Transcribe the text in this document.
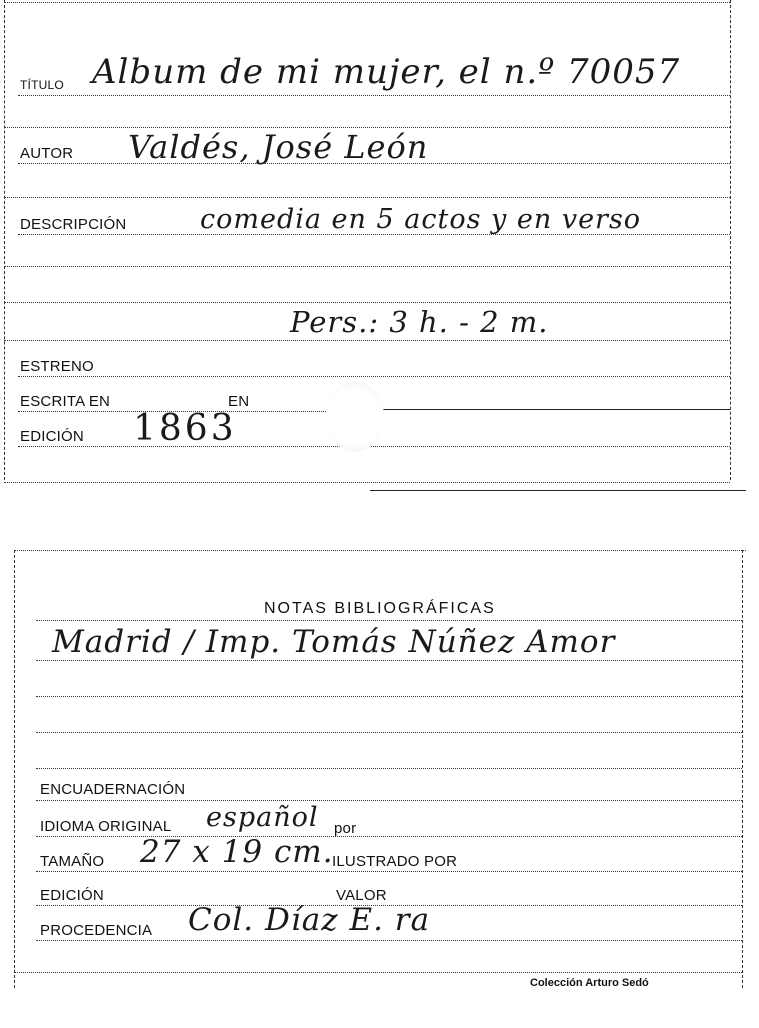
TÍTULO Album de mi mujer, el n.º 70057
AUTOR Valdés, José León
DESCRIPCIÓN	comedia en 5 actos y en verso
Pers.: 3 h. - 2 m.
ESTRENO
ESCRITA EN	EN
EDICIÓN 1863
NOTAS BIBLIOGRÁFICAS
Madrid / Imp. Tomás Núñez Amor
ENCUADERNACIÓN
IDIOMA ORIGINAL español por
TAMAÑO 27 x 19 cm.
ILUSTRADO POR
EDICIÓN	VALOR
PROCEDENCIA Col. Díaz E. ra
Colección Arturo Sedó
